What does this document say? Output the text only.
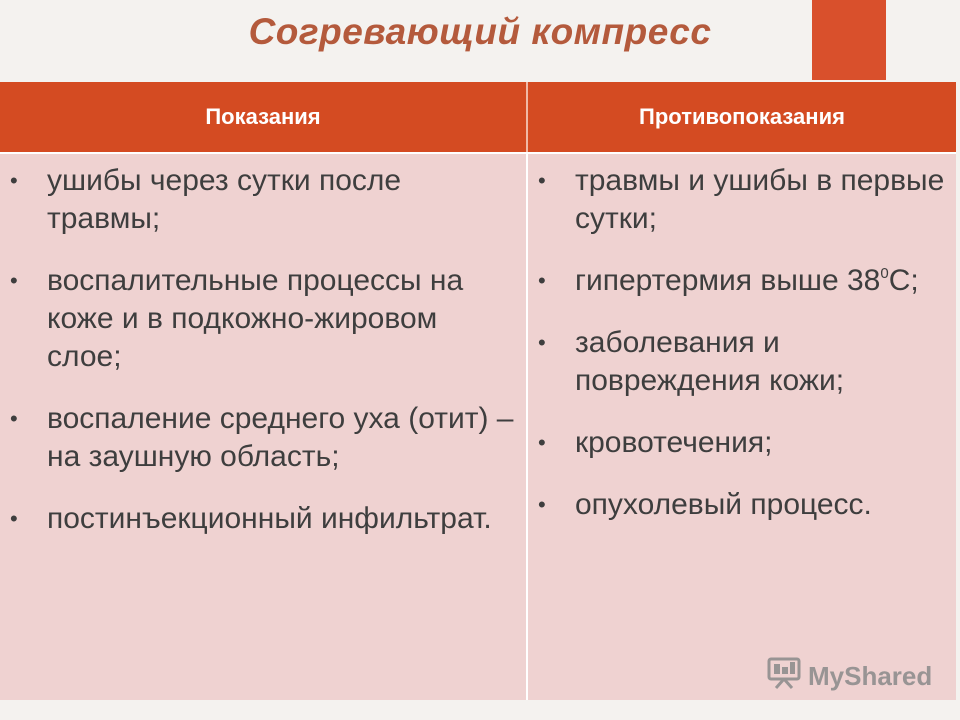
Согревающий компресс
Показания	Противопоказания
• ушибы через сутки после травмы;
• воспалительные процессы на коже и в подкожно-жировом слое;
• воспаление среднего уха (отит) – на заушную область;
• постинъекционный инфильтрат.
• травмы и ушибы в первые сутки;
• гипертермия выше $38^0С$;
• заболевания и повреждения кожи;
• кровотечения;
• опухолевый процесс.
MyShared
